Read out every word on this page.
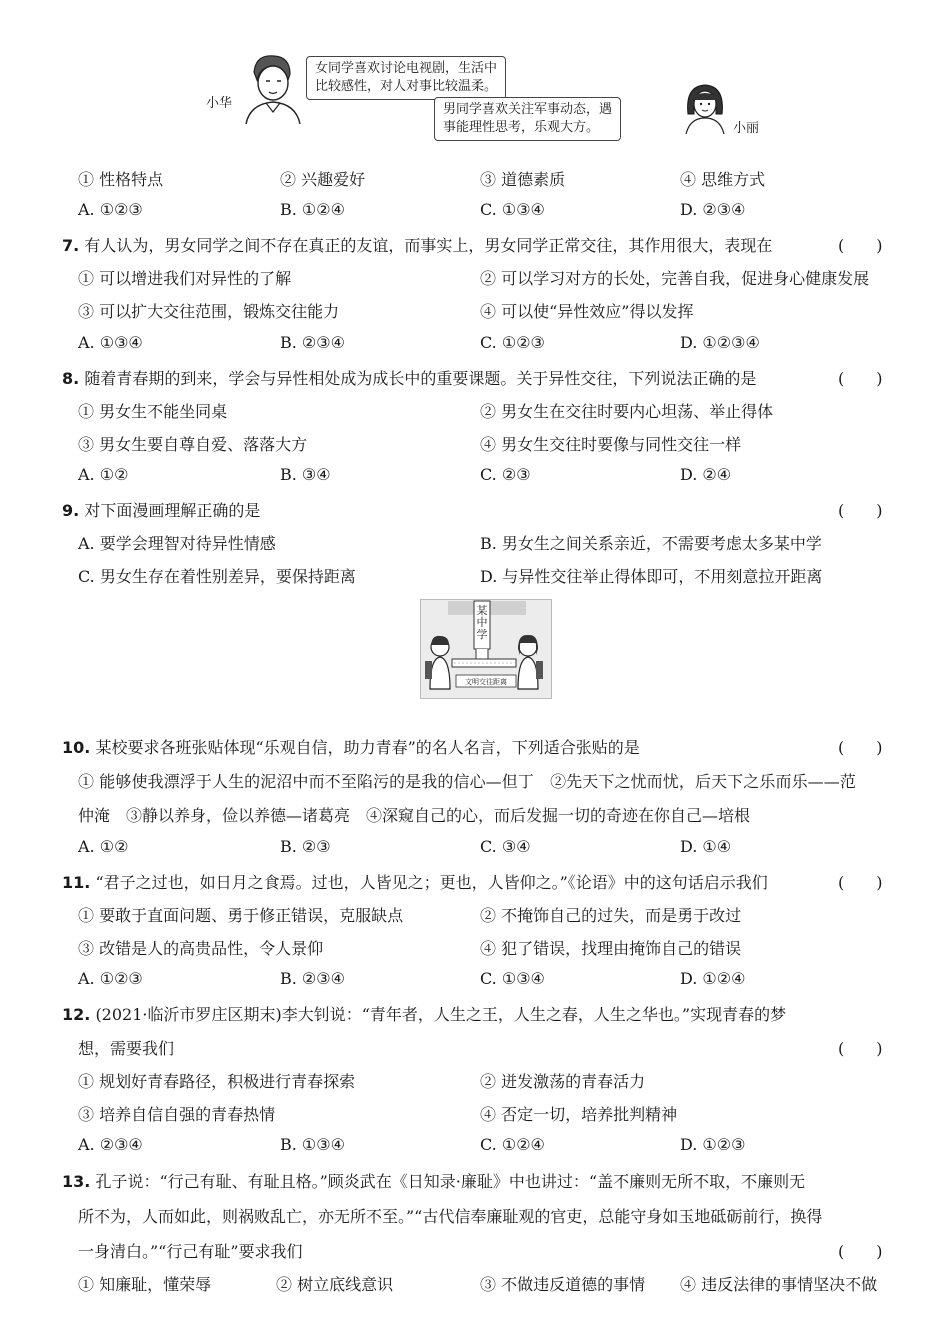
小华
女同学喜欢讨论电视剧，生活中
比较感性，对人对事比较温柔。
男同学喜欢关注军事动态，遇
事能理性思考，乐观大方。	小丽
① 性格特点	② 兴趣爱好	③ 道德素质	④ 思维方式
A. ①②③	B. ①②④	C. ①③④	D. ②③④
7. 有人认为，男女同学之间不存在真正的友谊，而事实上，男女同学正常交往，其作用很大，表现在	(　　)
① 可以增进我们对异性的了解	② 可以学习对方的长处，完善自我，促进身心健康发展
③ 可以扩大交往范围，锻炼交往能力	④ 可以使“异性效应”得以发挥
A. ①③④	B. ②③④	C. ①②③	D. ①②③④
8. 随着青春期的到来，学会与异性相处成为成长中的重要课题。关于异性交往，下列说法正确的是	(　　)
① 男女生不能坐同桌	② 男女生在交往时要内心坦荡、举止得体
③ 男女生要自尊自爱、落落大方	④ 男女生交往时要像与同性交往一样
A. ①②	B. ③④	C. ②③	D. ②④
9. 对下面漫画理解正确的是	(　　)
A. 要学会理智对待异性情感	B. 男女生之间关系亲近，不需要考虑太多某中学
C. 男女生存在着性别差异，要保持距离	D. 与异性交往举止得体即可，不用刻意拉开距离
某中学
文明交往距离
10. 某校要求各班张贴体现“乐观自信，助力青春”的名人名言，下列适合张贴的是	(　　)
① 能够使我漂浮于人生的泥沼中而不至陷污的是我的信心—但丁　②先天下之忧而忧，后天下之乐而乐——范
仲淹　③静以养身，俭以养德—诸葛亮　④深窥自己的心，而后发掘一切的奇迹在你自己—培根
A. ①②	B. ②③	C. ③④	D. ①④
11. “君子之过也，如日月之食焉。过也，人皆见之；更也，人皆仰之。”《论语》中的这句话启示我们	(　　)
① 要敢于直面问题、勇于修正错误，克服缺点	② 不掩饰自己的过失，而是勇于改过
③ 改错是人的高贵品性，令人景仰	④ 犯了错误，找理由掩饰自己的错误
A. ①②③	B. ②③④	C. ①③④	D. ①②④
12. (2021·临沂市罗庄区期末)李大钊说：“青年者，人生之王，人生之春，人生之华也。”实现青春的梦
想，需要我们	(　　)
① 规划好青春路径，积极进行青春探索	② 迸发激荡的青春活力
③ 培养自信自强的青春热情	④ 否定一切，培养批判精神
A. ②③④	B. ①③④	C. ①②④	D. ①②③
13. 孔子说：“行己有耻、有耻且格。”顾炎武在《日知录·廉耻》中也讲过：“盖不廉则无所不取，不廉则无
所不为，人而如此，则祸败乱亡，亦无所不至。”“古代信奉廉耻观的官吏，总能守身如玉地砥砺前行，换得
一身清白。”“行己有耻”要求我们	(　　)
① 知廉耻，懂荣辱	② 树立底线意识	③ 不做违反道德的事情 ④ 违反法律的事情坚决不做
